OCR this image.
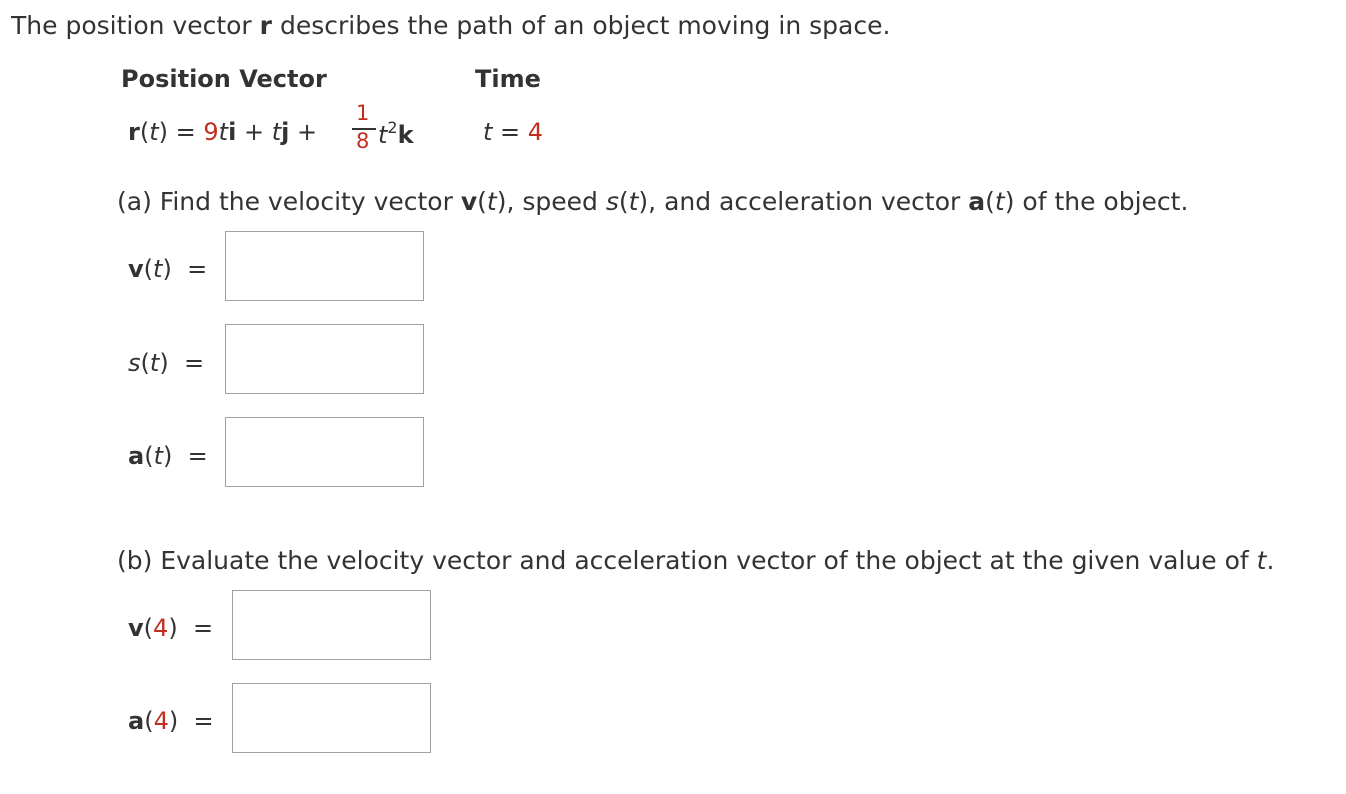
The position vector r describes the path of an object moving in space.
Position Vector	Time
r(t) = 9ti + tj +
1
8 $t^2k$	t = 4
(a) Find the velocity vector v(t), speed s(t), and acceleration vector a(t) of the object.
v(t)  =
s(t)  =
a(t)  =
(b) Evaluate the velocity vector and acceleration vector of the object at the given value of t.
v(4)  =
a(4)  =
